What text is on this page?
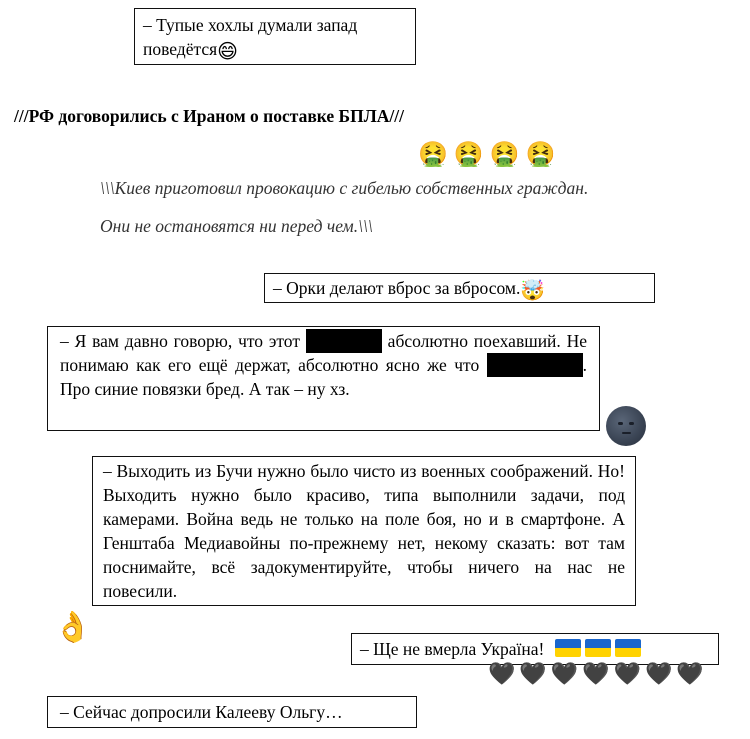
– Тупые хохлы думали запад поведётся😄
///РФ договорились с Ираном о поставке БПЛА///
🤮🤮🤮🤮
\\\Киев приготовил провокацию с гибелью собственных граждан.
Они не остановятся ни перед чем.\\\
– Орки делают вброс за вбросом.🤯
– Я вам давно говорю, что этот	абсолютно поехавший. Не понимаю как его ещё держат, абсолютно ясно же что	. Про синие повязки бред. А так – ну хз.
– Выходить из Бучи нужно было чисто из военных соображений. Но! Выходить нужно было красиво, типа выполнили задачи, под камерами. Война ведь не только на поле боя, но и в смартфоне. А Генштаба Медиавойны по-прежнему нет, некому сказать: вот там поснимайте, всё задокументируйте, чтобы ничего на нас не повесили.
👌
– Ще не вмерла Україна!
🖤🖤🖤🖤🖤🖤🖤
– Сейчас допросили Калееву Ольгу…
